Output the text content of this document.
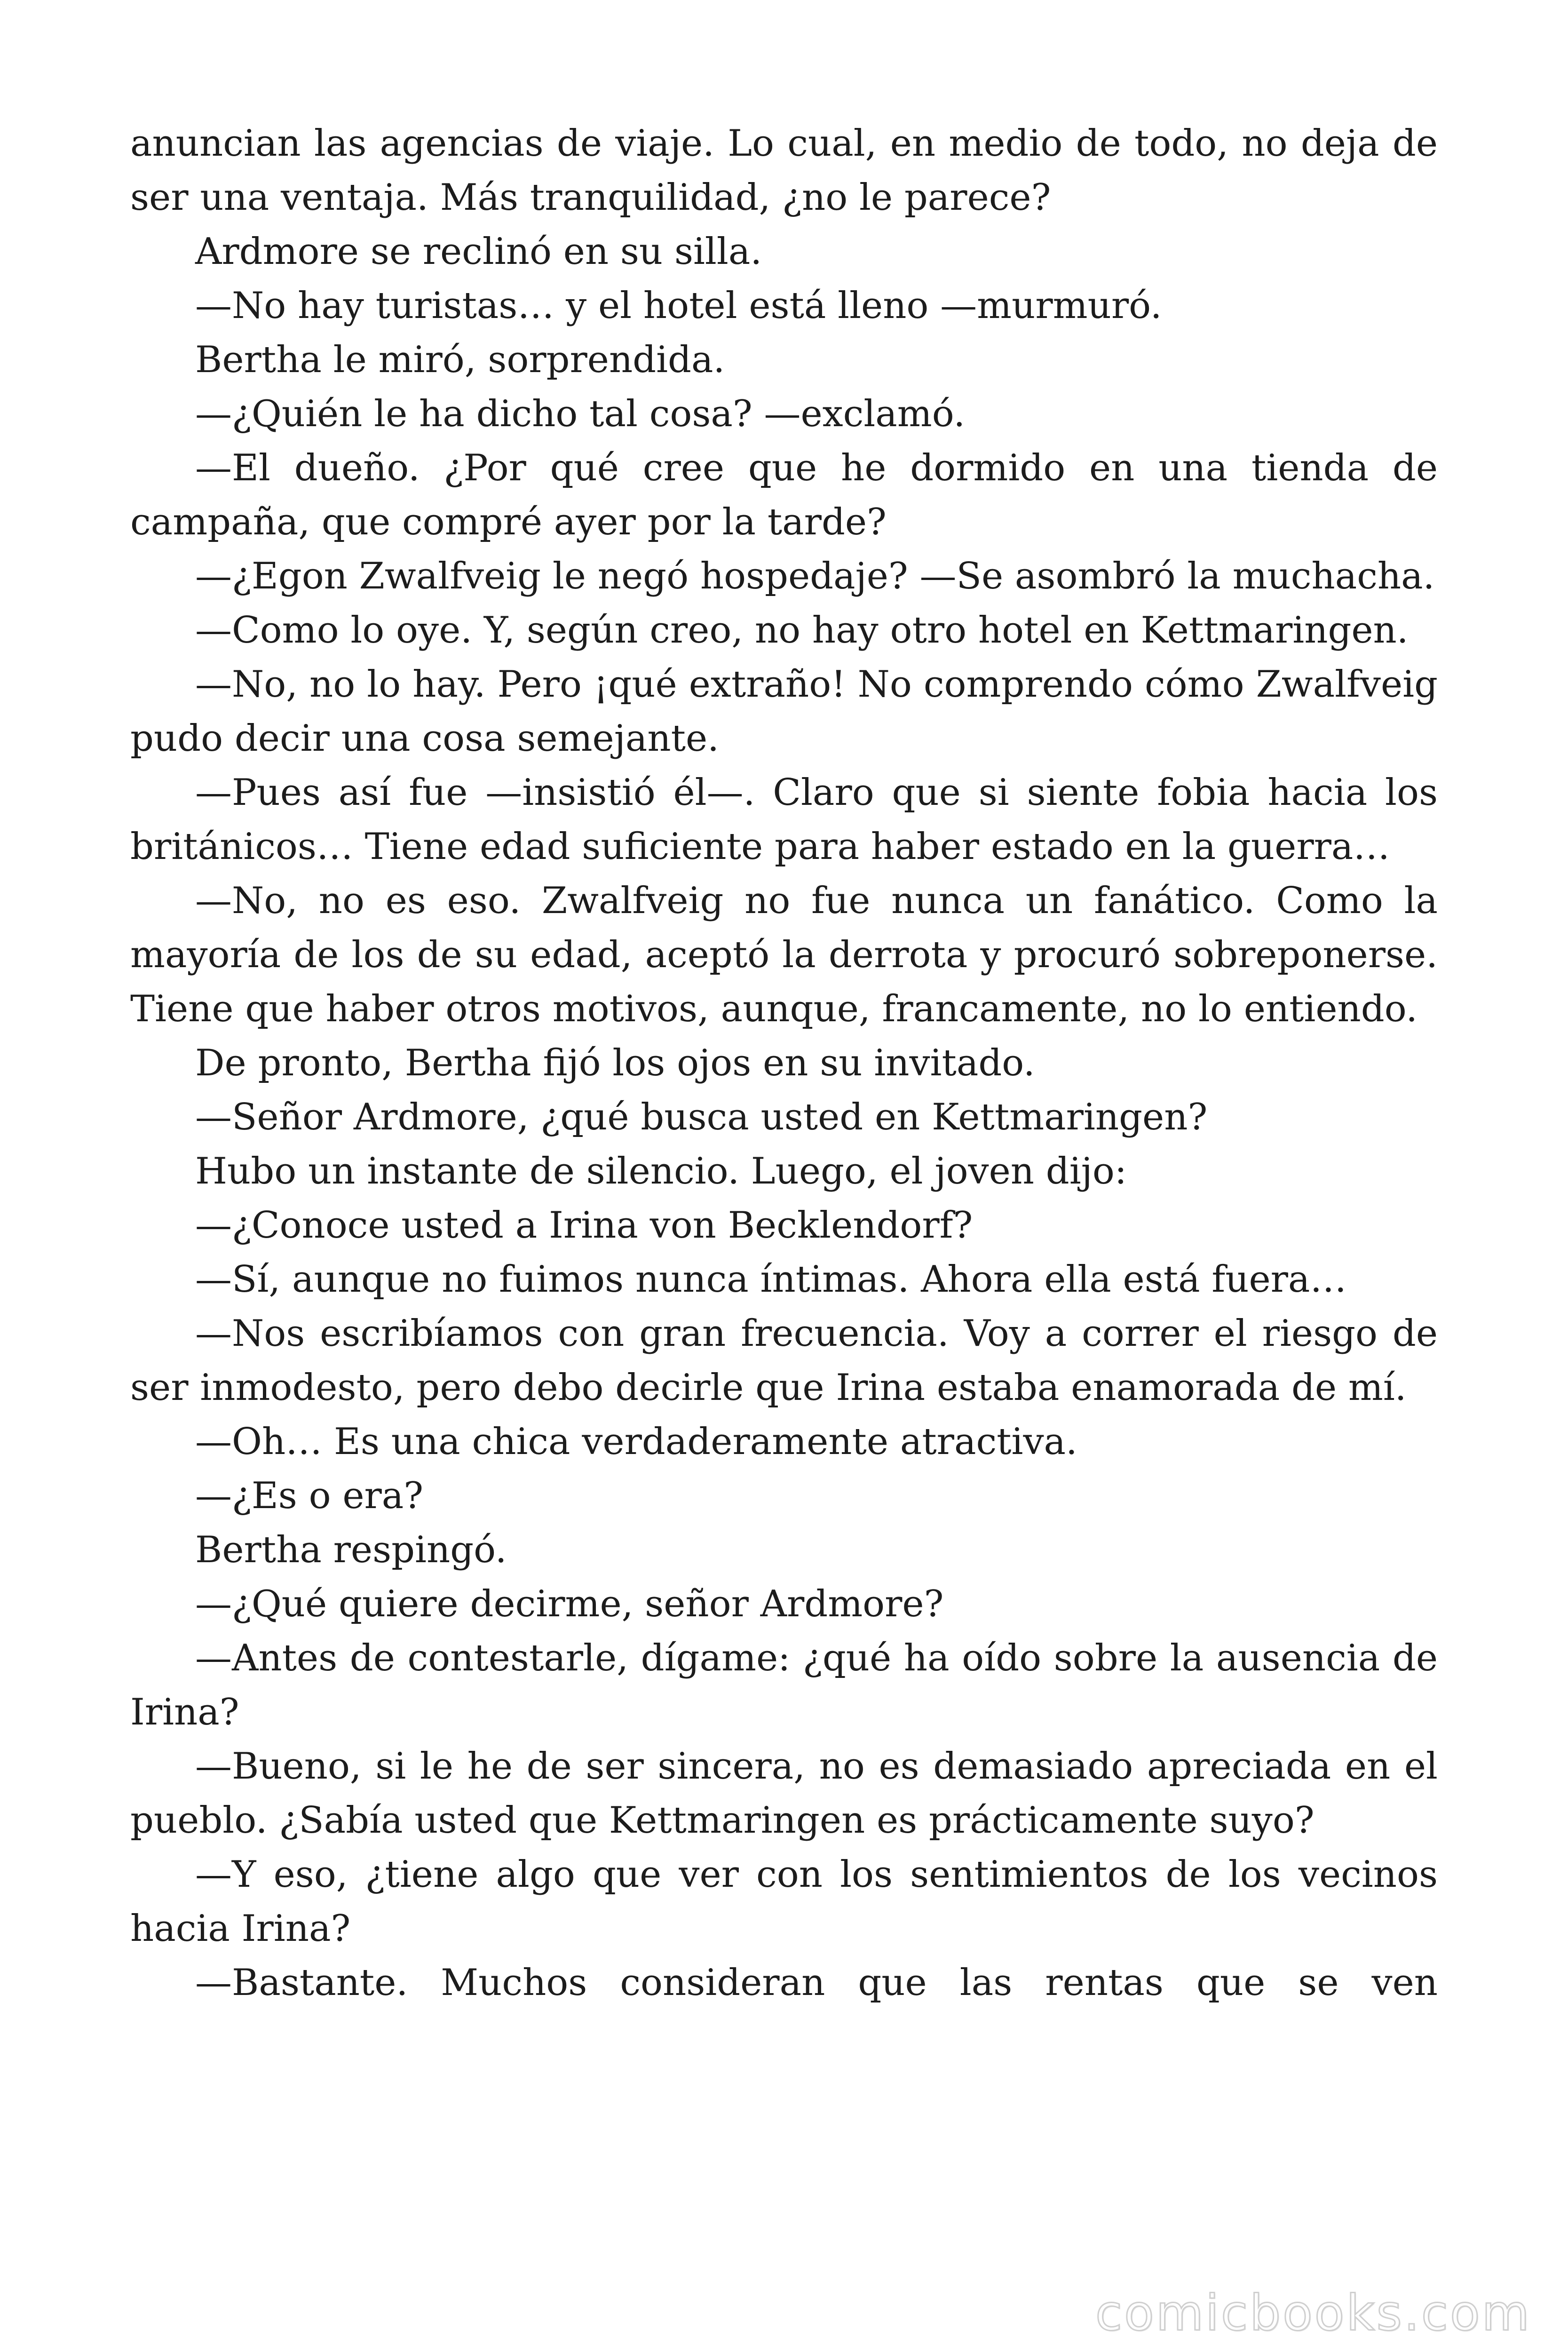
anuncian las agencias de viaje. Lo cual, en medio de todo, no deja de ser una ventaja. Más tranquilidad, ¿no le parece?

Ardmore se reclinó en su silla.

—No hay turistas… y el hotel está lleno —murmuró.

Bertha le miró, sorprendida.

—¿Quién le ha dicho tal cosa? —exclamó.

—El dueño. ¿Por qué cree que he dormido en una tienda de campaña, que compré ayer por la tarde?

—¿Egon Zwalfveig le negó hospedaje? —Se asombró la muchacha.

—Como lo oye. Y, según creo, no hay otro hotel en Kettmaringen.

—No, no lo hay. Pero ¡qué extraño! No comprendo cómo Zwalfveig pudo decir una cosa semejante.

—Pues así fue —insistió él—. Claro que si siente fobia hacia los británicos… Tiene edad suficiente para haber estado en la guerra…

—No, no es eso. Zwalfveig no fue nunca un fanático. Como la mayoría de los de su edad, aceptó la derrota y procuró sobreponerse. Tiene que haber otros motivos, aunque, francamente, no lo entiendo.

De pronto, Bertha fijó los ojos en su invitado.

—Señor Ardmore, ¿qué busca usted en Kettmaringen?

Hubo un instante de silencio. Luego, el joven dijo:

—¿Conoce usted a Irina von Becklendorf?

—Sí, aunque no fuimos nunca íntimas. Ahora ella está fuera…

—Nos escribíamos con gran frecuencia. Voy a correr el riesgo de ser inmodesto, pero debo decirle que Irina estaba enamorada de mí.

—Oh… Es una chica verdaderamente atractiva.

—¿Es o era?

Bertha respingó.

—¿Qué quiere decirme, señor Ardmore?

—Antes de contestarle, dígame: ¿qué ha oído sobre la ausencia de Irina?

—Bueno, si le he de ser sincera, no es demasiado apreciada en el pueblo. ¿Sabía usted que Kettmaringen es prácticamente suyo?

—Y eso, ¿tiene algo que ver con los sentimientos de los vecinos hacia Irina?

—Bastante. Muchos consideran que las rentas que se ven

comicbooks.com
